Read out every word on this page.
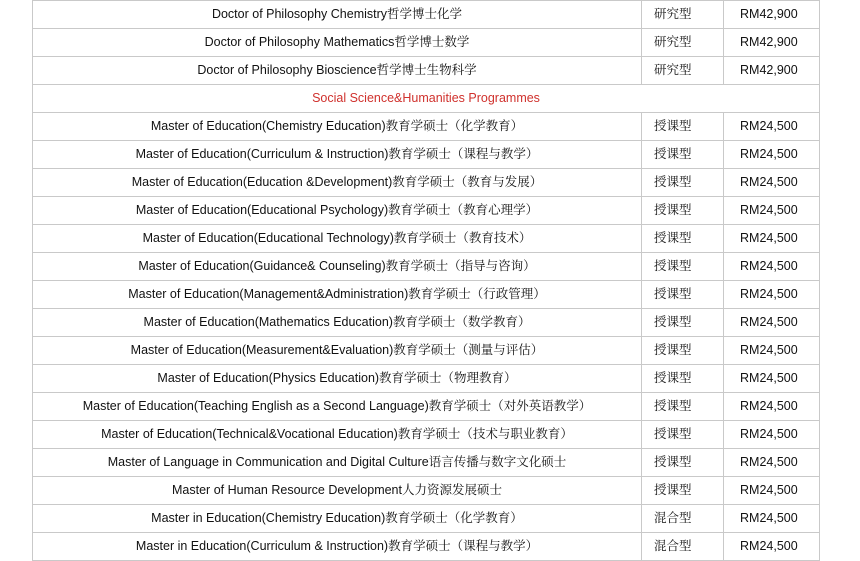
Doctor of Philosophy Chemistry哲学博士化学	研究型	RM42,900
Doctor of Philosophy Mathematics哲学博士数学	研究型	RM42,900
Doctor of Philosophy Bioscience哲学博士生物科学	研究型	RM42,900
Social Science&Humanities Programmes		
Master of Education(Chemistry Education)教育学硕士（化学教育）	授课型	RM24,500
Master of Education(Curriculum & Instruction)教育学硕士（课程与教学）	授课型	RM24,500
Master of Education(Education &Development)教育学硕士（教育与发展）	授课型	RM24,500
Master of Education(Educational Psychology)教育学硕士（教育心理学）	授课型	RM24,500
Master of Education(Educational Technology)教育学硕士（教育技术）	授课型	RM24,500
Master of Education(Guidance& Counseling)教育学硕士（指导与咨询）	授课型	RM24,500
Master of Education(Management&Administration)教育学硕士（行政管理）	授课型	RM24,500
Master of Education(Mathematics Education)教育学硕士（数学教育）	授课型	RM24,500
Master of Education(Measurement&Evaluation)教育学硕士（测量与评估）	授课型	RM24,500
Master of Education(Physics Education)教育学硕士（物理教育）	授课型	RM24,500
Master of Education(Teaching English as a Second Language)教育学硕士（对外英语教学）	授课型	RM24,500
Master of Education(Technical&Vocational Education)教育学硕士（技术与职业教育）	授课型	RM24,500
Master of Language in Communication and Digital Culture语言传播与数字文化硕士	授课型	RM24,500
Master of Human Resource Development人力资源发展硕士	授课型	RM24,500
Master in Education(Chemistry Education)教育学硕士（化学教育）	混合型	RM24,500
Master in Education(Curriculum & Instruction)教育学硕士（课程与教学）	混合型	RM24,500
